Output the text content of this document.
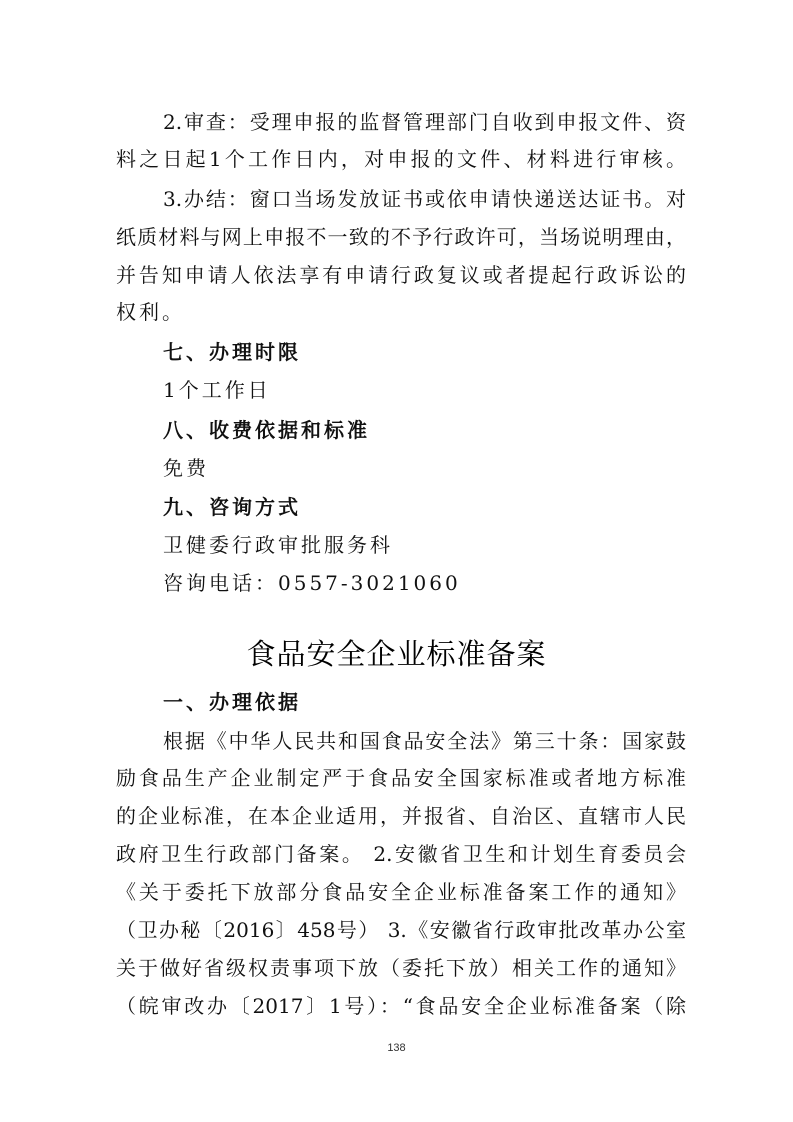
2.审查：受理申报的监督管理部门自收到申报文件、资
料之日起1个工作日内，对申报的文件、材料进行审核。
3.办结：窗口当场发放证书或依申请快递送达证书。对
纸质材料与网上申报不一致的不予行政许可，当场说明理由，
并告知申请人依法享有申请行政复议或者提起行政诉讼的
权利。
七、办理时限
1个工作日
八、收费依据和标准
免费
九、咨询方式
卫健委行政审批服务科
咨询电话：0557-3021060
食品安全企业标准备案
一、办理依据
根据《中华人民共和国食品安全法》第三十条：国家鼓
励食品生产企业制定严于食品安全国家标准或者地方标准
的企业标准，在本企业适用，并报省、自治区、直辖市人民
政府卫生行政部门备案。 2.安徽省卫生和计划生育委员会
《关于委托下放部分食品安全企业标准备案工作的通知》
（卫办秘〔2016〕458号） 3.《安徽省行政审批改革办公室
关于做好省级权责事项下放（委托下放）相关工作的通知》
（皖审改办〔2017〕1号）：“食品安全企业标准备案（除
138
